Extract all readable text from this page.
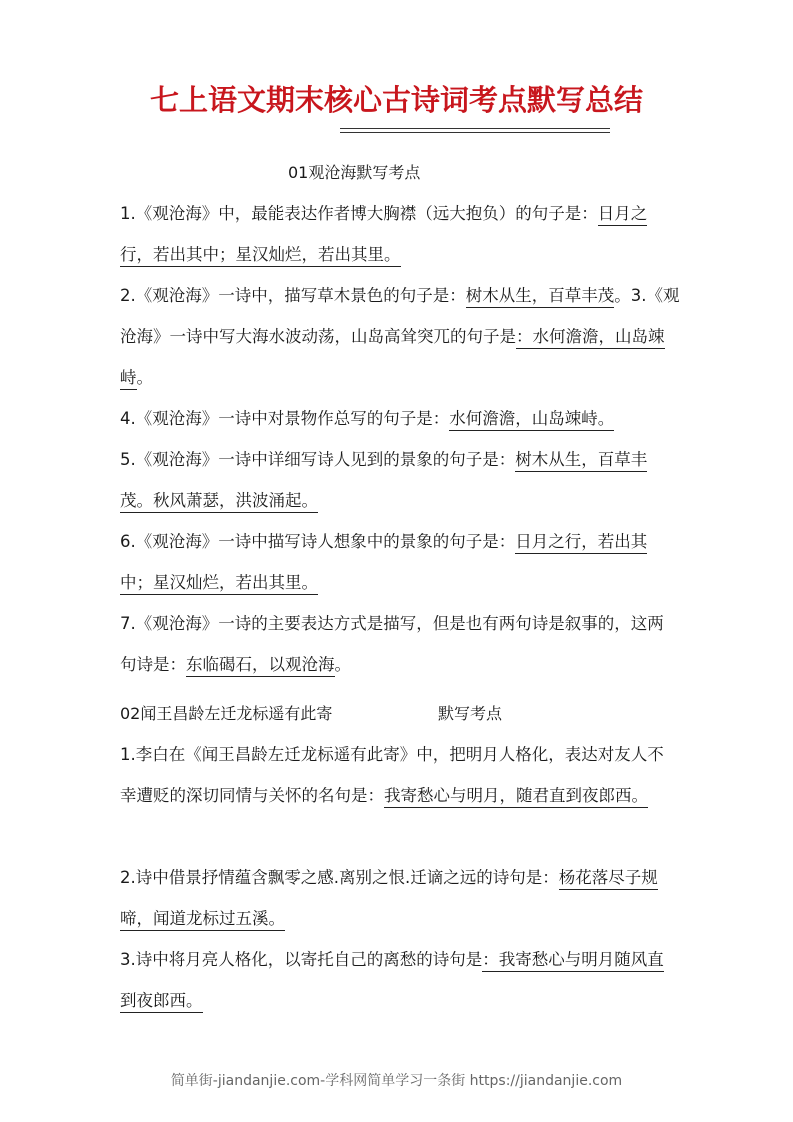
七上语文期末核心古诗词考点默写总结
01观沧海默写考点
1.《观沧海》中，最能表达作者博大胸襟（远大抱负）的句子是：日月之行，若出其中；星汉灿烂，若出其里。
2.《观沧海》一诗中，描写草木景色的句子是：树木从生，百草丰茂。3.《观沧海》一诗中写大海水波动荡，山岛高耸突兀的句子是：水何澹澹，山岛竦峙。
4.《观沧海》一诗中对景物作总写的句子是：水何澹澹，山岛竦峙。
5.《观沧海》一诗中详细写诗人见到的景象的句子是：树木从生，百草丰茂。秋风萧瑟，洪波涌起。
6.《观沧海》一诗中描写诗人想象中的景象的句子是：日月之行，若出其中；星汉灿烂，若出其里。
7.《观沧海》一诗的主要表达方式是描写，但是也有两句诗是叙事的，这两句诗是：东临碣石，以观沧海。
02闻王昌龄左迁龙标遥有此寄	默写考点
1.李白在《闻王昌龄左迁龙标遥有此寄》中，把明月人格化，表达对友人不幸遭贬的深切同情与关怀的名句是：我寄愁心与明月，随君直到夜郎西。
2.诗中借景抒情蕴含飘零之感.离别之恨.迁谪之远的诗句是：杨花落尽子规啼，闻道龙标过五溪。
3.诗中将月亮人格化，以寄托自己的离愁的诗句是：我寄愁心与明月随风直到夜郎西。
简单街-jiandanjie.com-学科网简单学习一条街 https://jiandanjie.com
